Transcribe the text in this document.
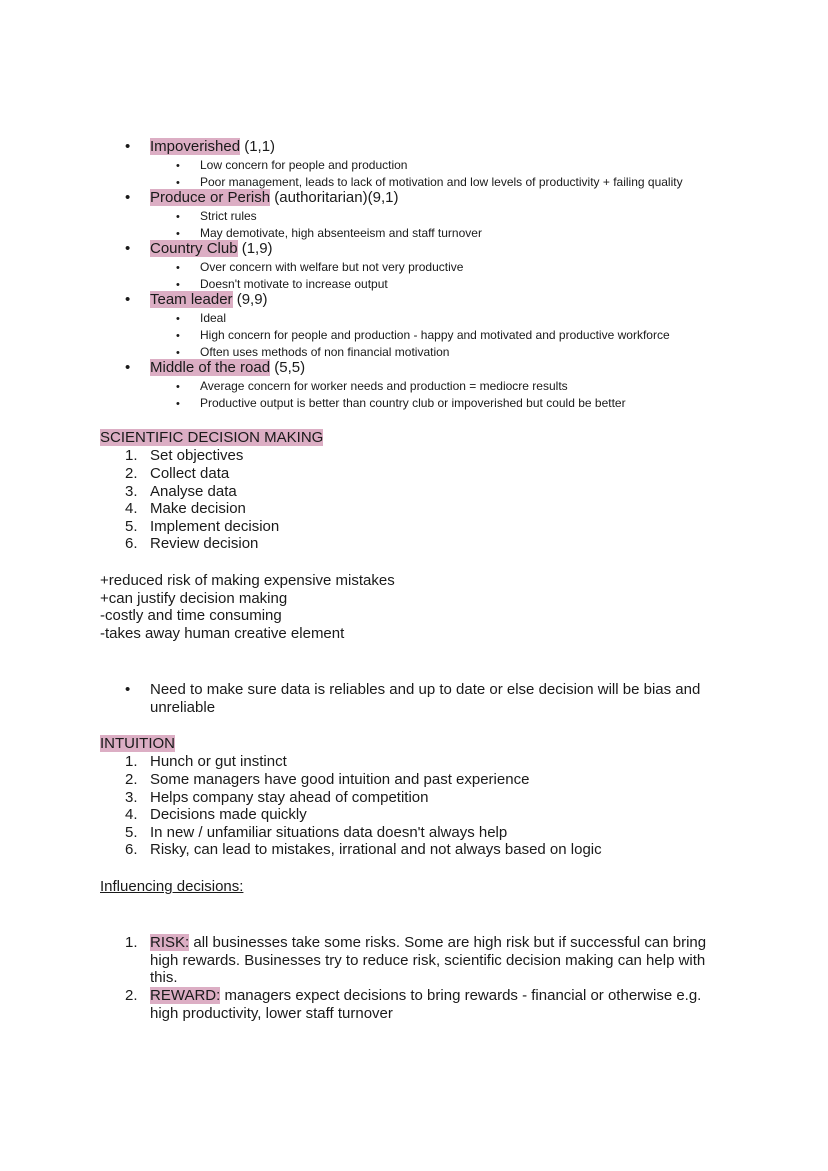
• Impoverished (1,1)
• Low concern for people and production
• Poor management, leads to lack of motivation and low levels of productivity + failing quality
• Produce or Perish (authoritarian)(9,1)
• Strict rules
• May demotivate, high absenteeism and staff turnover
• Country Club (1,9)
• Over concern with welfare but not very productive
• Doesn't motivate to increase output
• Team leader (9,9)
• Ideal
• High concern for people and production - happy and motivated and productive workforce
• Often uses methods of non financial motivation
• Middle of the road (5,5)
• Average concern for worker needs and production = mediocre results
• Productive output is better than country club or impoverished but could be better
SCIENTIFIC DECISION MAKING
1. Set objectives
2. Collect data
3. Analyse data
4. Make decision
5. Implement decision
6. Review decision
+reduced risk of making expensive mistakes
+can justify decision making
-costly and time consuming
-takes away human creative element
• Need to make sure data is reliables and up to date or else decision will be bias and unreliable
INTUITION
1. Hunch or gut instinct
2. Some managers have good intuition and past experience
3. Helps company stay ahead of competition
4. Decisions made quickly
5. In new / unfamiliar situations data doesn't always help
6. Risky, can lead to mistakes, irrational and not always based on logic
Influencing decisions:
1. RISK: all businesses take some risks. Some are high risk but if successful can bring high rewards. Businesses try to reduce risk, scientific decision making can help with this.
2. REWARD: managers expect decisions to bring rewards - financial or otherwise e.g. high productivity, lower staff turnover
